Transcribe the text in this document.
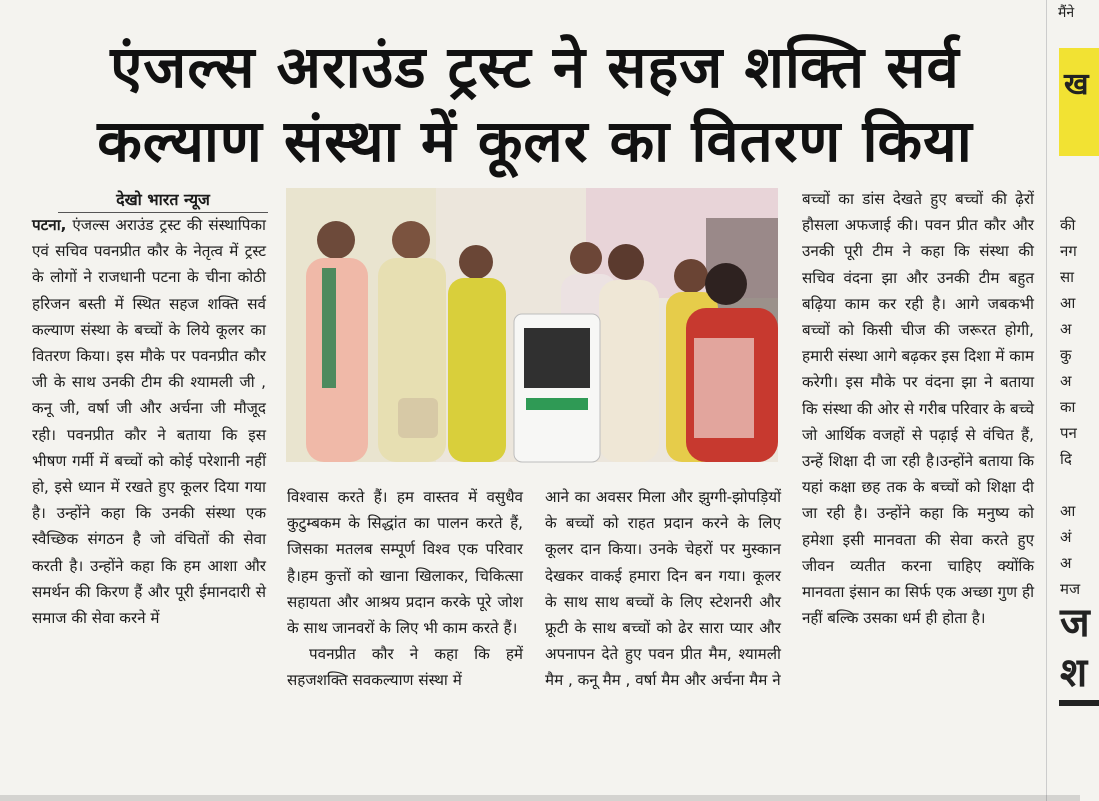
एंजल्स अराउंड ट्रस्ट ने सहज शक्ति सर्व
कल्याण संस्था में कूलर का वितरण किया
देखो भारत न्यूज

पटना, एंजल्स अराउंड ट्रस्ट की संस्थापिका एवं सचिव पवनप्रीत कौर के नेतृत्व में ट्रस्ट के लोगों ने राजधानी पटना के चीना कोठी हरिजन बस्ती में स्थित सहज शक्ति सर्व कल्याण संस्था के बच्चों के लिये कूलर का वितरण किया। इस मौके पर पवनप्रीत कौर जी के साथ उनकी टीम की श्यामली जी , कनू जी, वर्षा जी और अर्चना जी मौजूद रही। पवनप्रीत कौर ने बताया कि इस भीषण गर्मी में बच्चों को कोई परेशानी नहीं हो, इसे ध्यान में रखते हुए कूलर दिया गया है। उन्होंने कहा कि उनकी संस्था एक स्वैच्छिक संगठन है जो वंचितों की सेवा करती है। उन्होंने कहा कि हम आशा और समर्थन की किरण हैं और पूरी ईमानदारी से समाज की सेवा करने में

विश्वास करते हैं। हम वास्तव में वसुधैव कुटुम्बकम के सिद्धांत का पालन करते हैं, जिसका मतलब सम्पूर्ण विश्व एक परिवार है।हम कुत्तों को खाना खिलाकर, चिकित्सा सहायता और आश्रय प्रदान करके पूरे जोश के साथ जानवरों के लिए भी काम करते हैं।

पवनप्रीत कौर ने कहा कि हमें सहजशक्ति सवकल्याण संस्था में

आने का अवसर मिला और झुग्गी-झोपड़ियों के बच्चों को राहत प्रदान करने के लिए कूलर दान किया। उनके चेहरों पर मुस्कान देखकर वाकई हमारा दिन बन गया। कूलर के साथ साथ बच्चों के लिए स्टेशनरी और फ्रूटी के साथ बच्चों को ढेर सारा प्यार और अपनापन देते हुए पवन प्रीत मैम, श्यामली मैम , कनू मैम , वर्षा मैम और अर्चना मैम ने

बच्चों का डांस देखते हुए बच्चों की ढ़ेरों हौसला अफजाई की। पवन प्रीत कौर और उनकी पूरी टीम ने कहा कि संस्था की सचिव वंदना झा और उनकी टीम बहुत बढ़िया काम कर रही है। आगे जबकभी बच्चों को किसी चीज की जरूरत होगी, हमारी संस्था आगे बढ़कर इस दिशा में काम करेगी। इस मौके पर वंदना झा ने बताया कि संस्था की ओर से गरीब परिवार के बच्चे जो आर्थिक वजहों से पढ़ाई से वंचित हैं, उन्हें शिक्षा दी जा रही है।उन्होंने बताया कि यहां कक्षा छह तक के बच्चों को शिक्षा दी जा रही है। उन्होंने कहा कि मनुष्य को हमेशा इसी मानवता की सेवा करते हुए जीवन व्यतीत करना चाहिए क्योंकि मानवता इंसान का सिर्फ एक अच्छा गुण ही नहीं बल्कि उसका धर्म ही होता है।

मैंने
ख
की
नग
सा
आ
अ
कु
अ
का
पन
दि
आ
अं
अ
मज
ज
श
